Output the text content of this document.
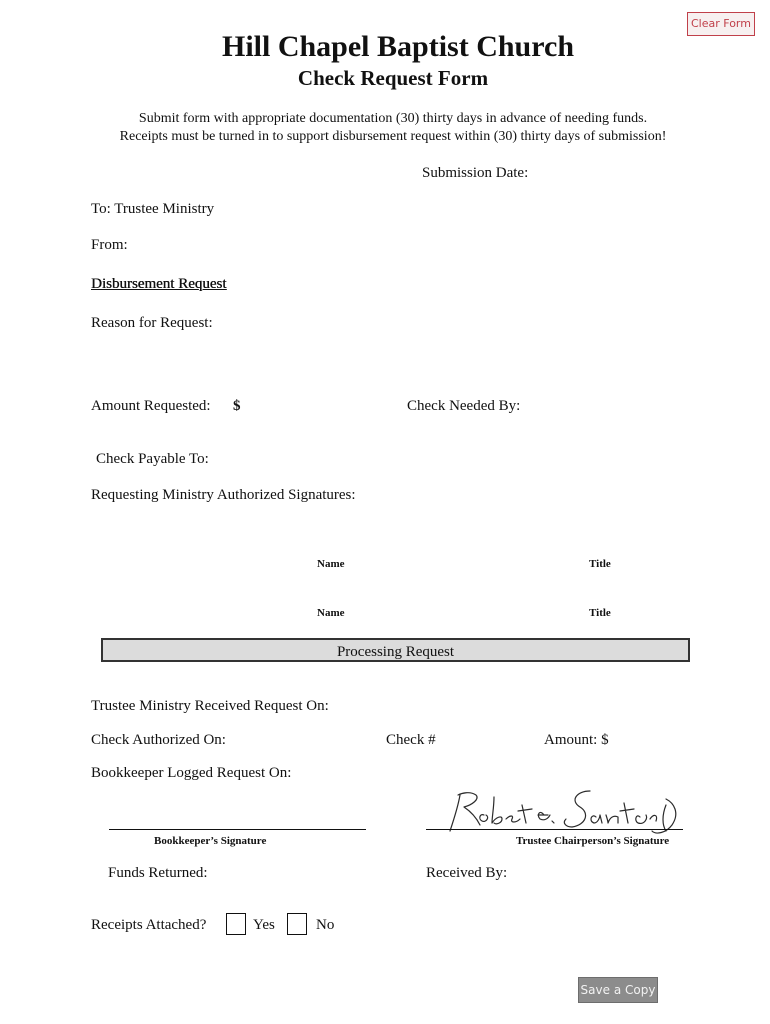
Clear Form
Hill Chapel Baptist Church
Check Request Form
Submit form with appropriate documentation (30) thirty days in advance of needing funds.
Receipts must be turned in to support disbursement request within (30) thirty days of submission!
Submission Date:
To: Trustee Ministry
From:
Disbursement Request
Reason for Request:
Amount Requested: $	Check Needed By:
Check Payable To:
Requesting Ministry Authorized Signatures:
Name	Title
Name	Title
Processing Request
Trustee Ministry Received Request On:
Check Authorized On:	Check #	Amount: $
Bookkeeper Logged Request On:
Bookkeeper’s Signature	Trustee Chairperson’s Signature
Funds Returned:	Received By:
Receipts Attached?	Yes	No
Save a Copy
